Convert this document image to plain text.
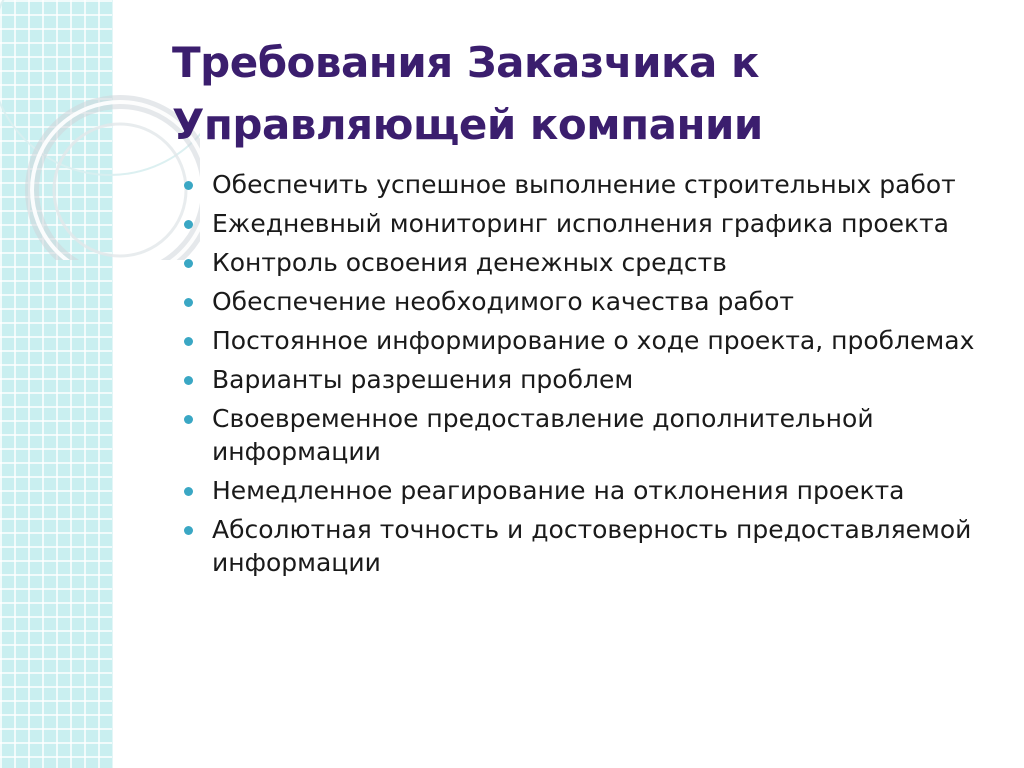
Требования Заказчика к
Управляющей компании
Обеспечить успешное выполнение строительных работ
Ежедневный мониторинг исполнения графика проекта
Контроль освоения денежных средств
Обеспечение необходимого качества работ
Постоянное информирование о ходе проекта, проблемах
Варианты разрешения проблем
Своевременное предоставление дополнительной информации
Немедленное реагирование на отклонения проекта
Абсолютная точность и достоверность предоставляемой информации
